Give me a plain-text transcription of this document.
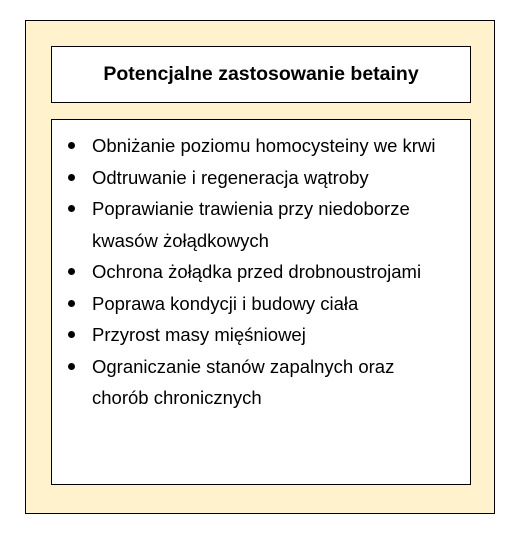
Potencjalne zastosowanie betainy
Obniżanie poziomu homocysteiny we krwi
Odtruwanie i regeneracja wątroby
Poprawianie trawienia przy niedoborze kwasów żołądkowych
Ochrona żołądka przed drobnoustrojami
Poprawa kondycji i budowy ciała
Przyrost masy mięśniowej
Ograniczanie stanów zapalnych oraz chorób chronicznych
